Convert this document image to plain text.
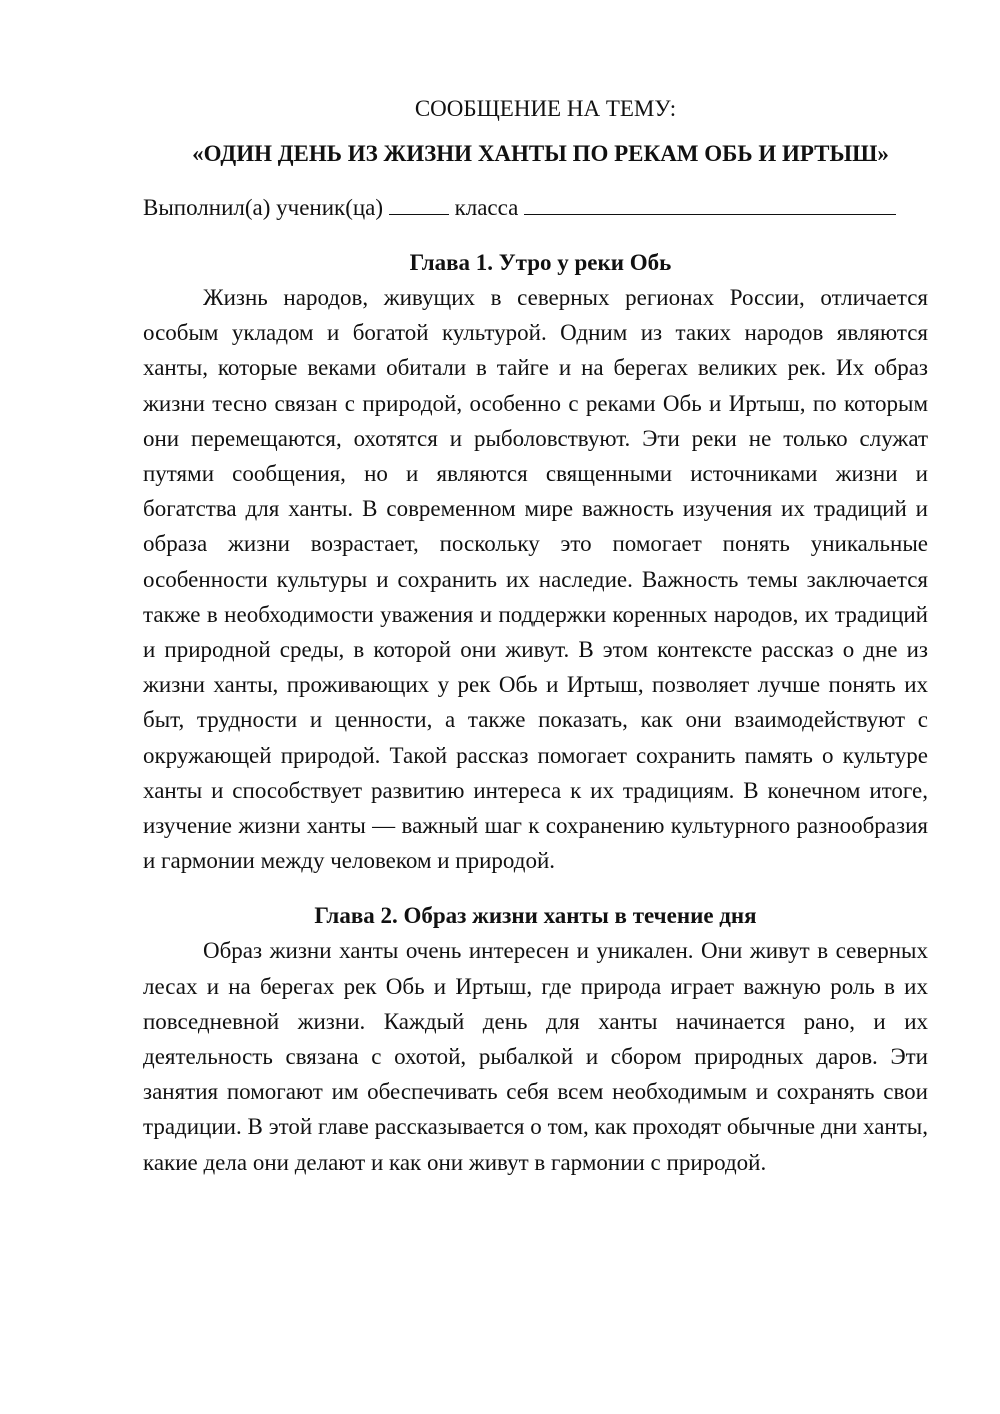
СООБЩЕНИЕ НА ТЕМУ:

«ОДИН ДЕНЬ ИЗ ЖИЗНИ ХАНТЫ ПО РЕКАМ ОБЬ И ИРТЫШ»

Выполнил(а) ученик(ца)	класса

Глава 1. Утро у реки Обь

Жизнь народов, живущих в северных регионах России, отличается особым укладом и богатой культурой. Одним из таких народов являются ханты, которые веками обитали в тайге и на берегах великих рек. Их образ жизни тесно связан с природой, особенно с реками Обь и Иртыш, по которым они перемещаются, охотятся и рыболовствуют. Эти реки не только служат путями сообщения, но и являются священными источниками жизни и богатства для ханты. В современном мире важность изучения их традиций и образа жизни возрастает, поскольку это помогает понять уникальные особенности культуры и сохранить их наследие. Важность темы заключается также в необходимости уважения и поддержки коренных народов, их традиций и природной среды, в которой они живут. В этом контексте рассказ о дне из жизни ханты, проживающих у рек Обь и Иртыш, позволяет лучше понять их быт, трудности и ценности, а также показать, как они взаимодействуют с окружающей природой. Такой рассказ помогает сохранить память о культуре ханты и способствует развитию интереса к их традициям. В конечном итоге, изучение жизни ханты — важный шаг к сохранению культурного разнообразия и гармонии между человеком и природой.

Глава 2. Образ жизни ханты в течение дня

Образ жизни ханты очень интересен и уникален. Они живут в северных лесах и на берегах рек Обь и Иртыш, где природа играет важную роль в их повседневной жизни. Каждый день для ханты начинается рано, и их деятельность связана с охотой, рыбалкой и сбором природных даров. Эти занятия помогают им обеспечивать себя всем необходимым и сохранять свои традиции. В этой главе рассказывается о том, как проходят обычные дни ханты, какие дела они делают и как они живут в гармонии с природой.
